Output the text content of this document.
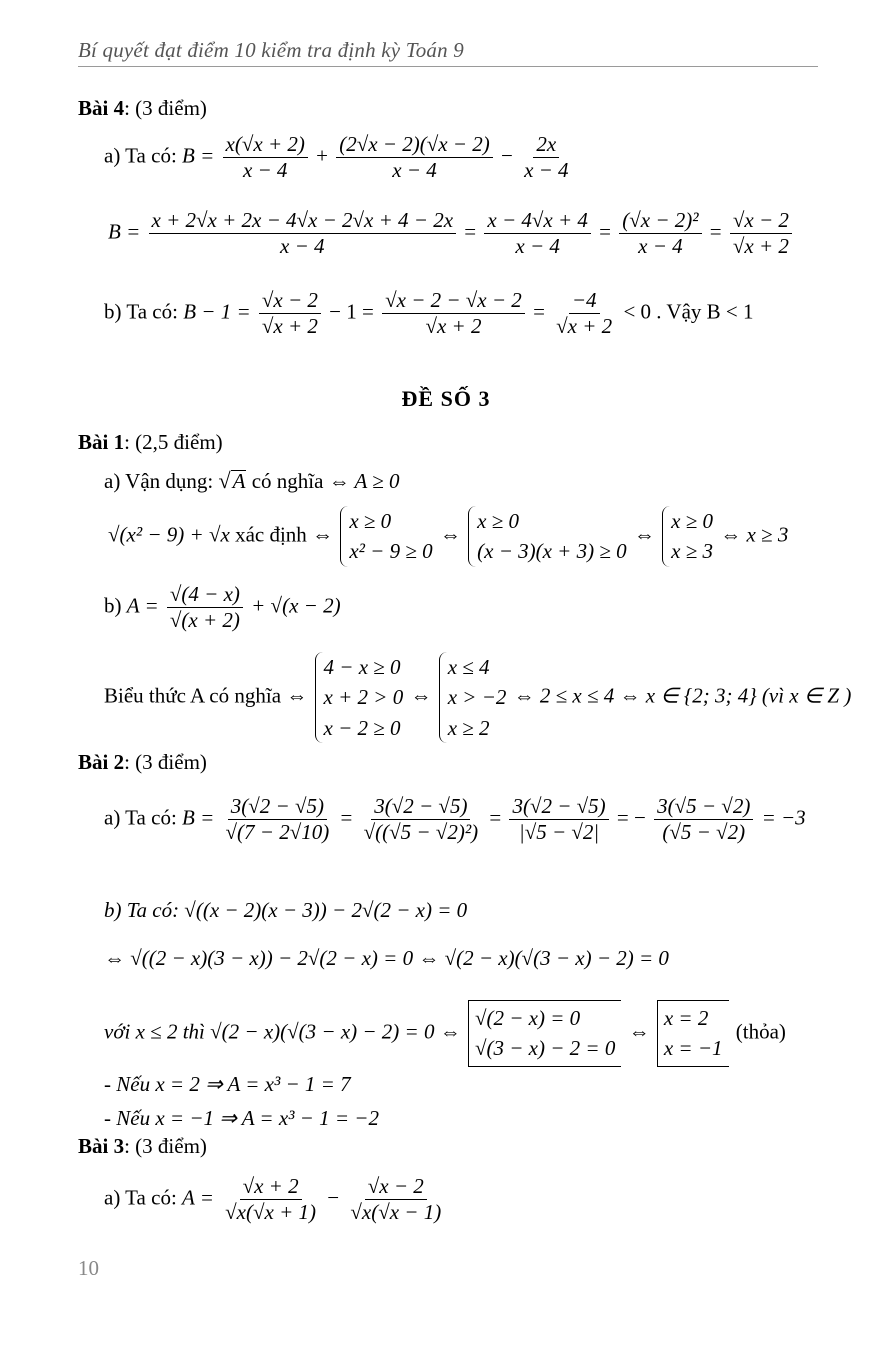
Bí quyết đạt điểm 10 kiểm tra định kỳ Toán 9
Bài 4: (3 điểm)
a) Ta có: $B = \frac{x(√x + 2)}{x - 4} + \frac{(2√x - 2)(√x - 2)}{x - 4} - \frac{2x}{x - 4}$
$B = \frac{x + 2√x + 2x - 4√x - 2√x + 4 - 2x}{x - 4} = \frac{x - 4√x + 4}{x - 4} = \frac{\text{(√x − 2)²}}{x - 4} = \frac{√x - 2}{√x + 2}$
b) Ta có: $B - 1 = \frac{√x - 2}{√x + 2} - 1 = \frac{√x - 2 - √x - 2}{√x + 2} = \frac{-4}{√x + 2} < 0$ . Vậy B < 1
ĐỀ SỐ 3
Bài 1: (2,5 điểm)
a) Vận dụng: √ A có nghĩa ⇔ A ≥ 0
√(x² − 9) + √x xác định ⇔
x ≥ 0
x² − 9 ≥ 0
⇔
x ≥ 0
(x − 3)(x + 3) ≥ 0
⇔
x ≥ 0
x ≥ 3
⇔ x ≥ 3
b) $A = \frac{√(4 - x)}{√(x + 2)} + √(x - 2)$
Biểu thức A có nghĩa ⇔
4 − x ≥ 0
x + 2 > 0
x − 2 ≥ 0
⇔
x ≤ 4
x > −2
x ≥ 2
⇔ 2 ≤ x ≤ 4 ⇔ x ∈ {2; 3; 4} (vì x ∈ Z )
Bài 2: (3 điểm)
a) Ta có: $B = \frac{3(√2 - √5)}{√(7 - 2√10)} = \frac{3(√2 - √5)}{\text{√((√5 − √2)²)}} = \frac{3(√2 - √5)}{|√5 - √2|}$ = − $\frac{3(√5 - √2)}{(√5 - √2)} = -3$
b) Ta có: √((x − 2)(x − 3)) − 2√(2 − x) = 0
⇔ √((2 − x)(3 − x)) − 2√(2 − x) = 0 ⇔ √(2 − x)(√(3 − x) − 2) = 0
với x ≤ 2 thì √(2 − x)(√(3 − x) − 2) = 0 ⇔
√(2 − x) = 0
√(3 − x) − 2 = 0
⇔
x = 2
x = −1
(thỏa)
- Nếu x = 2 ⇒ A = x³ − 1 = 7
- Nếu x = −1 ⇒ A = x³ − 1 = −2
Bài 3: (3 điểm)
a) Ta có: $A = \frac{√x + 2}{√x(√x + 1)} - \frac{√x - 2}{√x(√x - 1)}$
10
